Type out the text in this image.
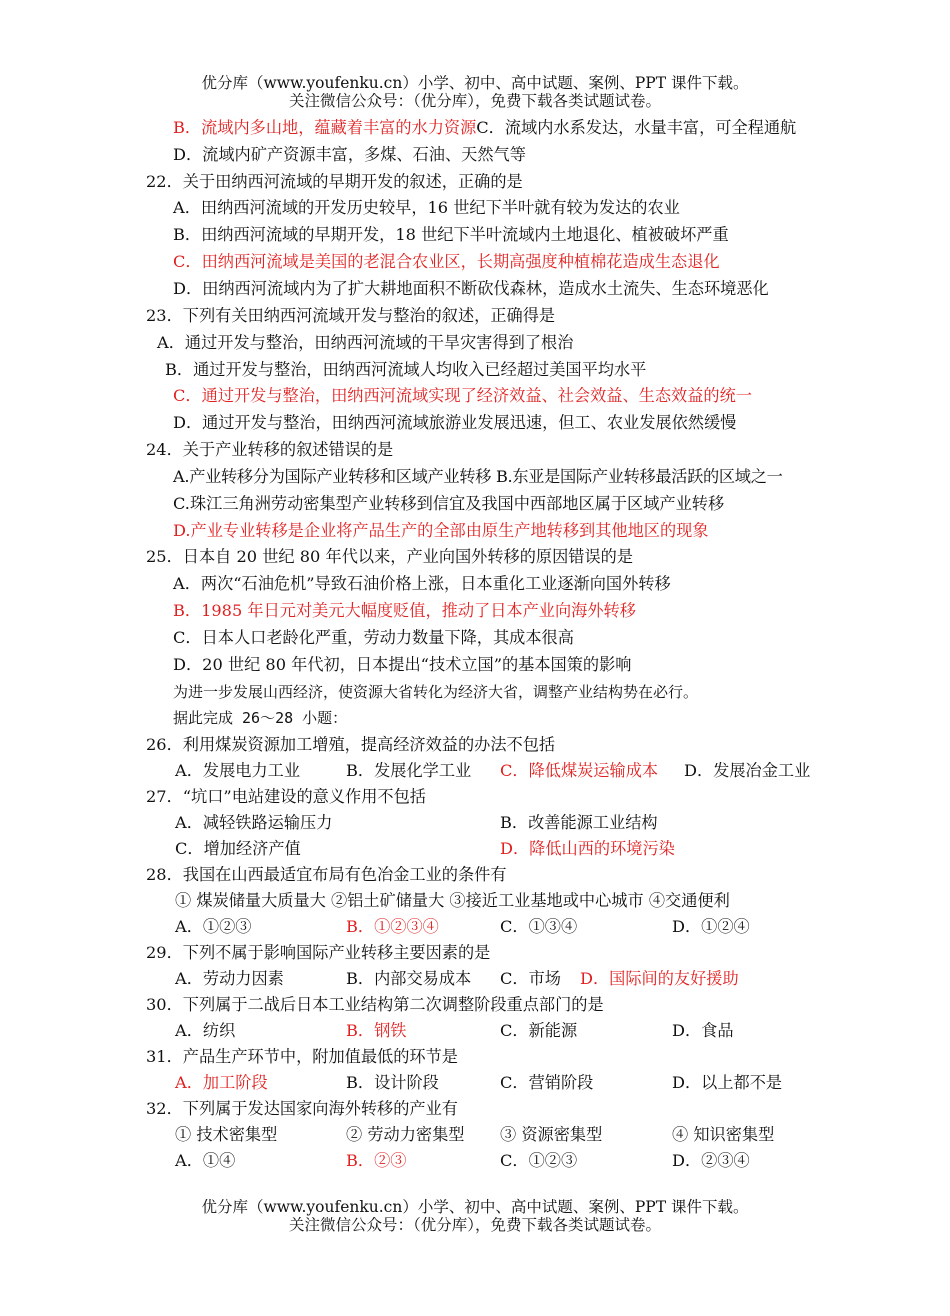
优分库（www.youfenku.cn）小学、初中、高中试题、案例、PPT 课件下载。
关注微信公众号：（优分库），免费下载各类试题试卷。
B．流域内多山地，蕴藏着丰富的水力资源C．流域内水系发达，水量丰富，可全程通航
D．流域内矿产资源丰富，多煤、石油、天然气等
22．关于田纳西河流域的早期开发的叙述，正确的是
A．田纳西河流域的开发历史较早，16 世纪下半叶就有较为发达的农业
B．田纳西河流域的早期开发，18 世纪下半叶流域内土地退化、植被破坏严重
C．田纳西河流域是美国的老混合农业区，长期高强度种植棉花造成生态退化
D．田纳西河流域内为了扩大耕地面积不断砍伐森林，造成水土流失、生态环境恶化
23．下列有关田纳西河流域开发与整治的叙述，正确得是
A．通过开发与整治，田纳西河流域的干旱灾害得到了根治
B．通过开发与整治，田纳西河流域人均收入已经超过美国平均水平
C．通过开发与整治，田纳西河流域实现了经济效益、社会效益、生态效益的统一
D．通过开发与整治，田纳西河流域旅游业发展迅速，但工、农业发展依然缓慢
24．关于产业转移的叙述错误的是
A.产业转移分为国际产业转移和区域产业转移 B.东亚是国际产业转移最活跃的区域之一
C.珠江三角洲劳动密集型产业转移到信宜及我国中西部地区属于区域产业转移
D.产业专业转移是企业将产品生产的全部由原生产地转移到其他地区的现象
25．日本自 20 世纪 80 年代以来，产业向国外转移的原因错误的是
A．两次“石油危机”导致石油价格上涨，日本重化工业逐渐向国外转移
B．1985 年日元对美元大幅度贬值，推动了日本产业向海外转移
C．日本人口老龄化严重，劳动力数量下降，其成本很高
D．20 世纪 80 年代初，日本提出“技术立国”的基本国策的影响
为进一步发展山西经济，使资源大省转化为经济大省，调整产业结构势在必行。
据此完成 26～28 小题：
26．利用煤炭资源加工增殖，提高经济效益的办法不包括
A．发展电力工业	B．发展化学工业 C．降低煤炭运输成本 D．发展冶金工业
27．“坑口”电站建设的意义作用不包括
A．减轻铁路运输压力	B．改善能源工业结构
C．增加经济产值	D．降低山西的环境污染
28．我国在山西最适宜布局有色冶金工业的条件有
① 煤炭储量大质量大 ②铝土矿储量大 ③接近工业基地或中心城市 ④交通便利
A．①②③	B．①②③④	C．①③④	D．①②④
29．下列不属于影响国际产业转移主要因素的是
A．劳动力因素	B．内部交易成本 C．市场 D．国际间的友好援助
30．下列属于二战后日本工业结构第二次调整阶段重点部门的是
A．纺织	B．钢铁	C．新能源	D．食品
31．产品生产环节中，附加值最低的环节是
A．加工阶段	B．设计阶段	C．营销阶段	D．以上都不是
32．下列属于发达国家向海外转移的产业有
① 技术密集型	② 劳动力密集型 ③ 资源密集型	④ 知识密集型
A．①④	B．②③	C．①②③	D．②③④
优分库（www.youfenku.cn）小学、初中、高中试题、案例、PPT 课件下载。
关注微信公众号：（优分库），免费下载各类试题试卷。
